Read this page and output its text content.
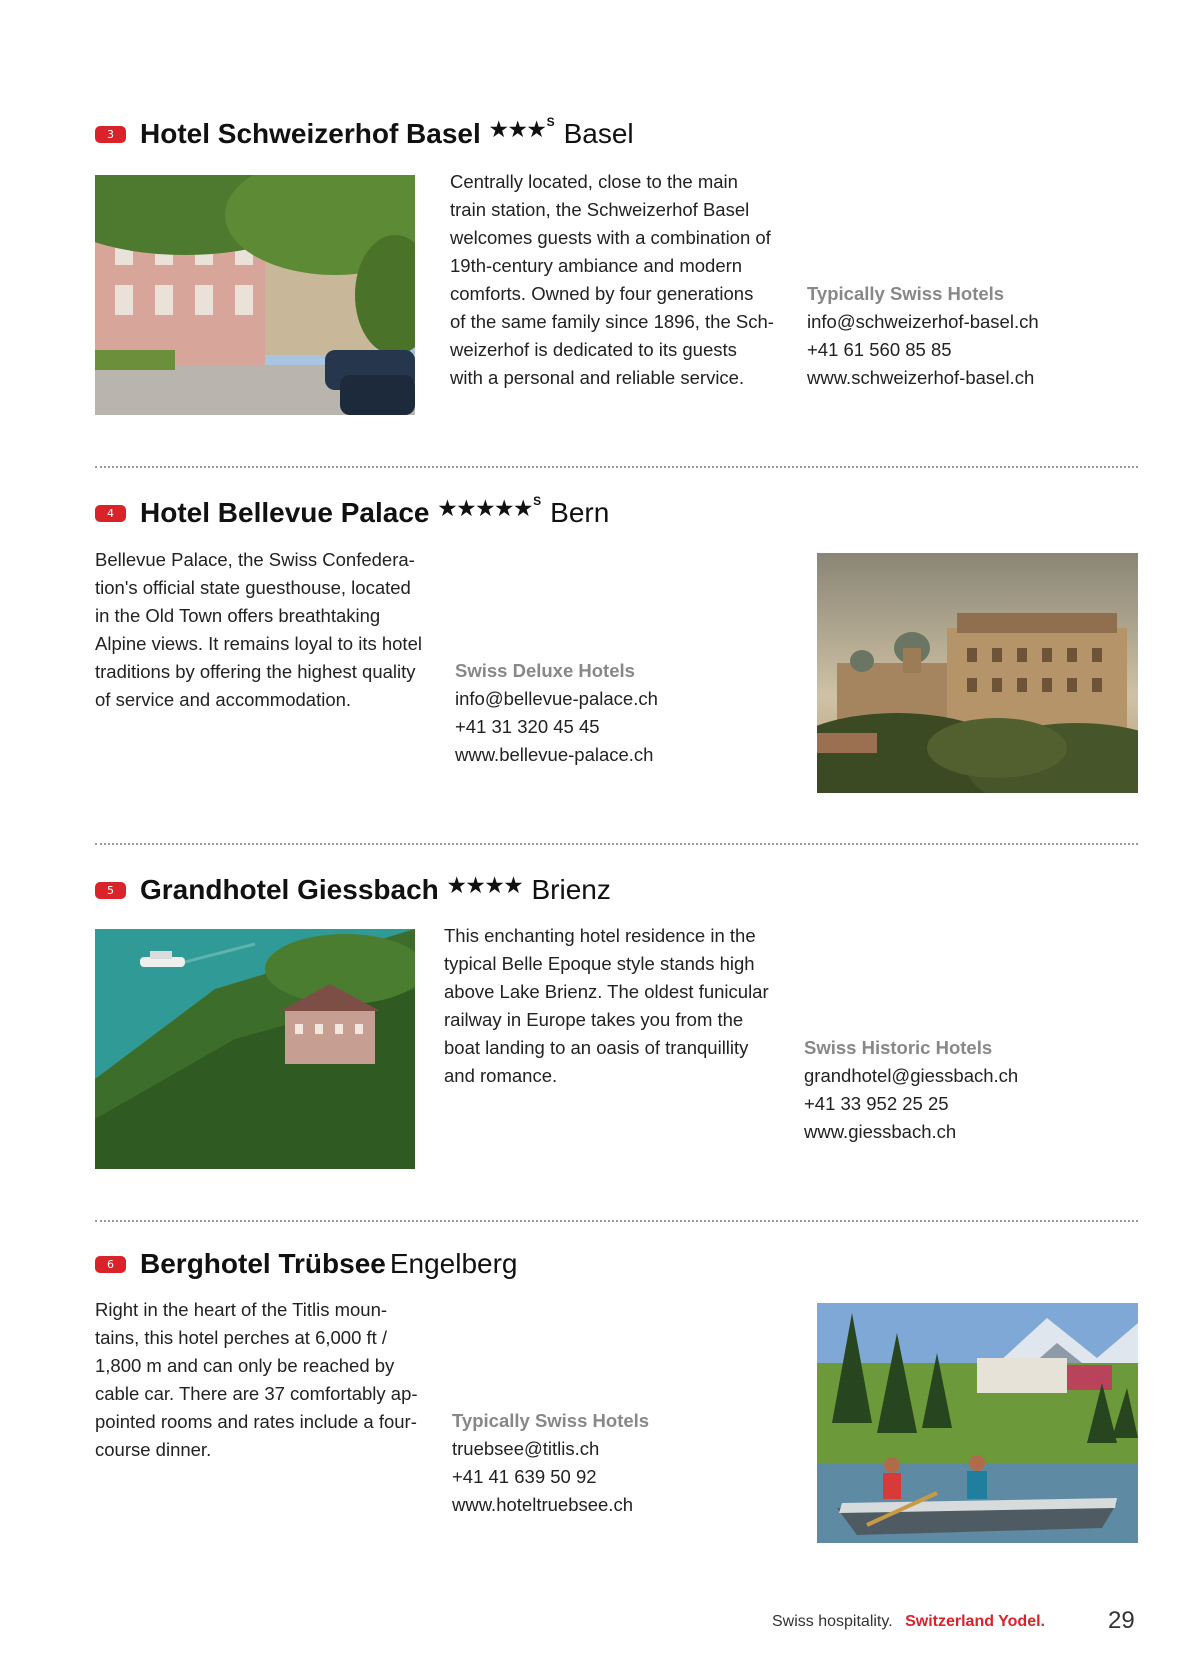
3 Hotel Schweizerhof Basel ★★★$^S$ Basel
Centrally located, close to the main
train station, the Schweizerhof Basel
welcomes guests with a combination of
19th-century ambiance and modern
comforts. Owned by four generations
of the same family since 1896, the Sch-
weizerhof is dedicated to its guests
with a personal and reliable service.
Typically Swiss Hotels
info@schweizerhof-basel.ch
+41 61 560 85 85
www.schweizerhof-basel.ch
4 Hotel Bellevue Palace ★★★★★$^S$ Bern
Bellevue Palace, the Swiss Confedera-
tion's official state guesthouse, located
in the Old Town offers breathtaking
Alpine views. It remains loyal to its hotel
traditions by offering the highest quality
of service and accommodation.
Swiss Deluxe Hotels
info@bellevue-palace.ch
+41 31 320 45 45
www.bellevue-palace.ch
5 Grandhotel Giessbach ★★★★ Brienz
This enchanting hotel residence in the
typical Belle Epoque style stands high
above Lake Brienz. The oldest funicular
railway in Europe takes you from the
boat landing to an oasis of tranquillity
and romance.
Swiss Historic Hotels
grandhotel@giessbach.ch
+41 33 952 25 25
www.giessbach.ch
6 Berghotel Trübsee Engelberg
Right in the heart of the Titlis moun-
tains, this hotel perches at 6,000 ft /
1,800 m and can only be reached by
cable car. There are 37 comfortably ap-
pointed rooms and rates include a four-
course dinner.
Typically Swiss Hotels
truebsee@titlis.ch
+41 41 639 50 92
www.hoteltruebsee.ch
Swiss hospitality. Switzerland Yodel.	29
